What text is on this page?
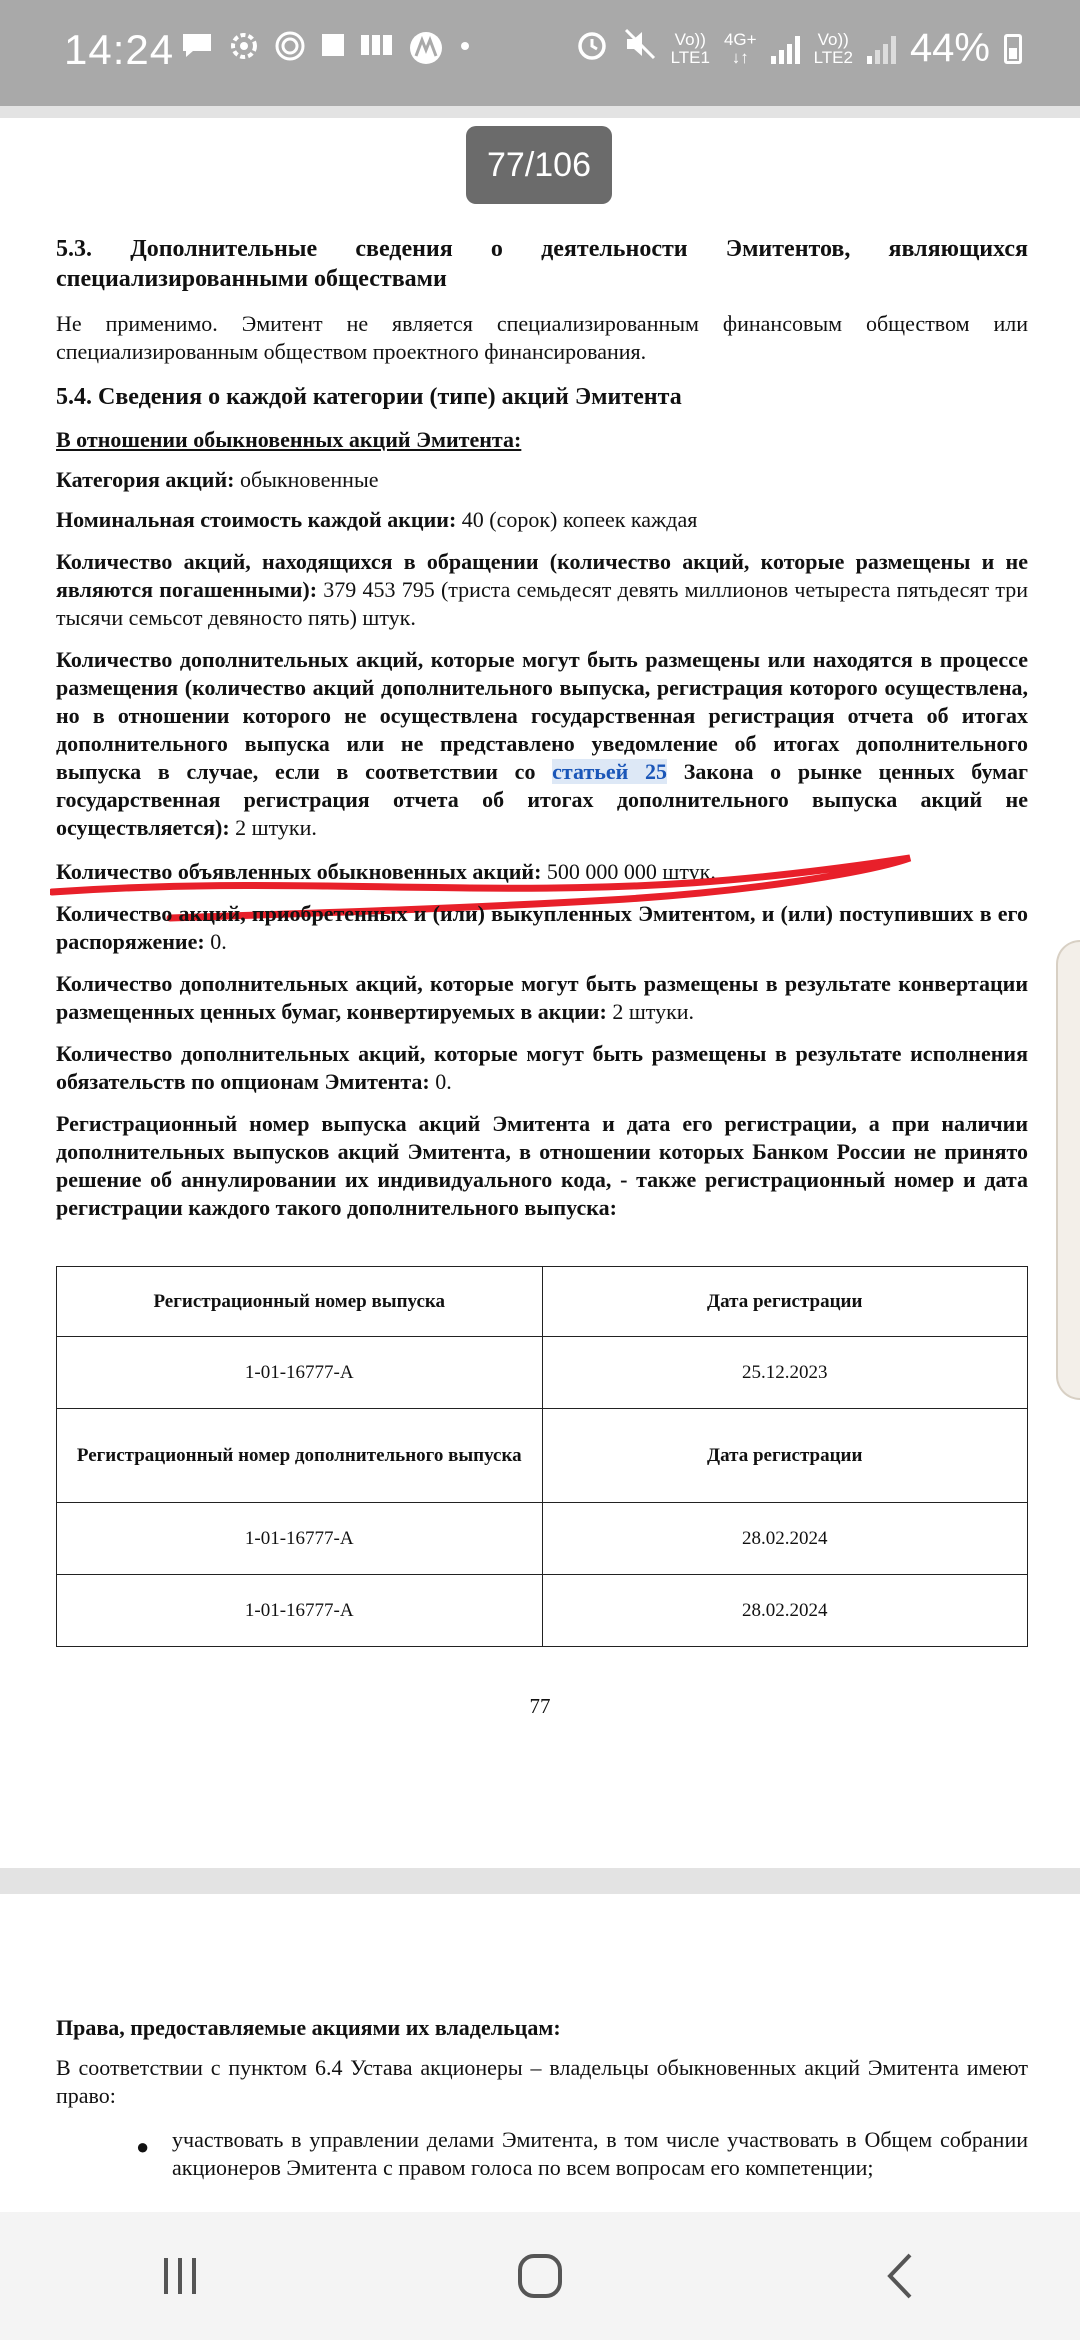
14:24	Vo))
LTE1
4G+
↓↑
Vo))
LTE2 44%
77/106

5.3. Дополнительные сведения о деятельности Эмитентов, являющихся специализированными обществами

Не применимо. Эмитент не является специализированным финансовым обществом или специализированным обществом проектного финансирования.

5.4. Сведения о каждой категории (типе) акций Эмитента

В отношении обыкновенных акций Эмитента:

Категория акций: обыкновенные

Номинальная стоимость каждой акции: 40 (сорок) копеек каждая

Количество акций, находящихся в обращении (количество акций, которые размещены и не являются погашенными): 379 453 795 (триста семьдесят девять миллионов четыреста пятьдесят три тысячи семьсот девяносто пять) штук.

Количество дополнительных акций, которые могут быть размещены или находятся в процессе размещения (количество акций дополнительного выпуска, регистрация которого осуществлена, но в отношении которого не осуществлена государственная регистрация отчета об итогах дополнительного выпуска или не представлено уведомление об итогах дополнительного выпуска в случае, если в соответствии со статьей 25 Закона о рынке ценных бумаг государственная регистрация отчета об итогах дополнительного выпуска акций не осуществляется): 2 штуки.

Количество объявленных обыкновенных акций: 500 000 000 штук.

Количество акций, приобретенных и (или) выкупленных Эмитентом, и (или) поступивших в его распоряжение: 0.

Количество дополнительных акций, которые могут быть размещены в результате конвертации размещенных ценных бумаг, конвертируемых в акции: 2 штуки.

Количество дополнительных акций, которые могут быть размещены в результате исполнения обязательств по опционам Эмитента: 0.

Регистрационный номер выпуска акций Эмитента и дата его регистрации, а при наличии дополнительных выпусков акций Эмитента, в отношении которых Банком России не принято решение об аннулировании их индивидуального кода, - также регистрационный номер и дата регистрации каждого такого дополнительного выпуска:

Регистрационный номер выпуска	Дата регистрации
1-01-16777-A	25.12.2023
Регистрационный номер дополнительного выпуска	Дата регистрации
1-01-16777-A	28.02.2024
1-01-16777-A	28.02.2024
77

Права, предоставляемые акциями их владельцам:

В соответствии с пунктом 6.4 Устава акционеры – владельцы обыкновенных акций Эмитента имеют право:

● участвовать в управлении делами Эмитента, в том числе участвовать в Общем собрании акционеров Эмитента с правом голоса по всем вопросам его компетенции;
